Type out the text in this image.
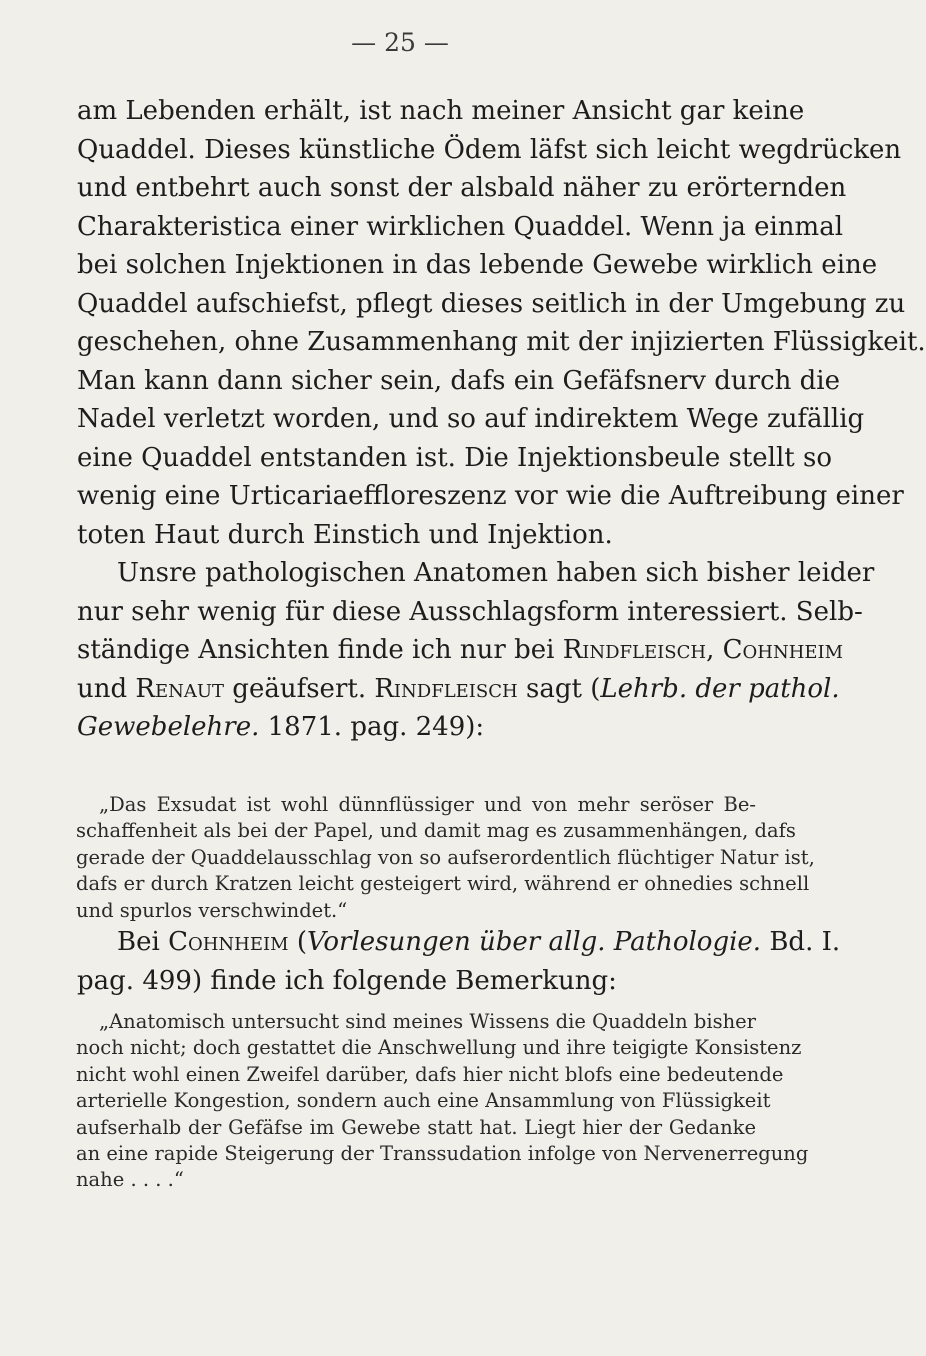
— 25 —
am Lebenden erhält, ist nach meiner Ansicht gar keine
Quaddel. Dieses künstliche Ödem läfst sich leicht wegdrücken
und entbehrt auch sonst der alsbald näher zu erörternden
Charakteristica einer wirklichen Quaddel. Wenn ja einmal
bei solchen Injektionen in das lebende Gewebe wirklich eine
Quaddel aufschiefst, pflegt dieses seitlich in der Umgebung zu
geschehen, ohne Zusammenhang mit der injizierten Flüssigkeit.
Man kann dann sicher sein, dafs ein Gefäfsnerv durch die
Nadel verletzt worden, und so auf indirektem Wege zufällig
eine Quaddel entstanden ist. Die Injektionsbeule stellt so
wenig eine Urticariaeffloreszenz vor wie die Auftreibung einer
toten Haut durch Einstich und Injektion.
Unsre pathologischen Anatomen haben sich bisher leider
nur sehr wenig für diese Ausschlagsform interessiert. Selb-
ständige Ansichten finde ich nur bei Rindfleisch, Cohnheim
und Renaut geäufsert. Rindfleisch sagt (Lehrb. der pathol.
Gewebelehre. 1871. pag. 249):
„Das Exsudat ist wohl dünnflüssiger und von mehr seröser Be-
schaffenheit als bei der Papel, und damit mag es zusammenhängen, dafs
gerade der Quaddelausschlag von so aufserordentlich flüchtiger Natur ist,
dafs er durch Kratzen leicht gesteigert wird, während er ohnedies schnell
und spurlos verschwindet.“
Bei Cohnheim (Vorlesungen über allg. Pathologie. Bd. I.
pag. 499) finde ich folgende Bemerkung:
„Anatomisch untersucht sind meines Wissens die Quaddeln bisher
noch nicht; doch gestattet die Anschwellung und ihre teigigte Konsistenz
nicht wohl einen Zweifel darüber, dafs hier nicht blofs eine bedeutende
arterielle Kongestion, sondern auch eine Ansammlung von Flüssigkeit
aufserhalb der Gefäfse im Gewebe statt hat. Liegt hier der Gedanke
an eine rapide Steigerung der Transsudation infolge von Nervenerregung
nahe . . . .“
